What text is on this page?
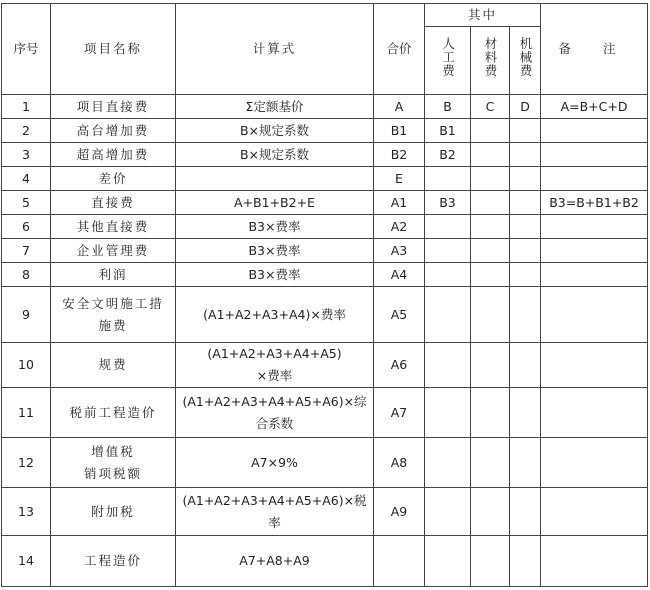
序号	项目名称	计算式	合价	其中			备 注
				人工费	材料费	机械费	
1	项目直接费	Σ定额基价	A	B	C	D	A=B+C+D
2	高台增加费	B×规定系数	B1	B1			
3	超高增加费	B×规定系数	B2	B2			
4	差价		E				
5	直接费	A+B1+B2+E	A1	B3			B3=B+B1+B2
6	其他直接费	B3×费率	A2				
7	企业管理费	B3×费率	A3				
8	利润	B3×费率	A4				
9	安全文明施工措
施费	(A1+A2+A3+A4)×费率	A5				
10	规费	(A1+A2+A3+A4+A5)
×费率	A6				
11	税前工程造价	(A1+A2+A3+A4+A5+A6)×综
合系数	A7				
12	增值税
销项税额	A7×9%	A8				
13	附加税	(A1+A2+A3+A4+A5+A6)×税
率	A9				
14	工程造价	A7+A8+A9					
